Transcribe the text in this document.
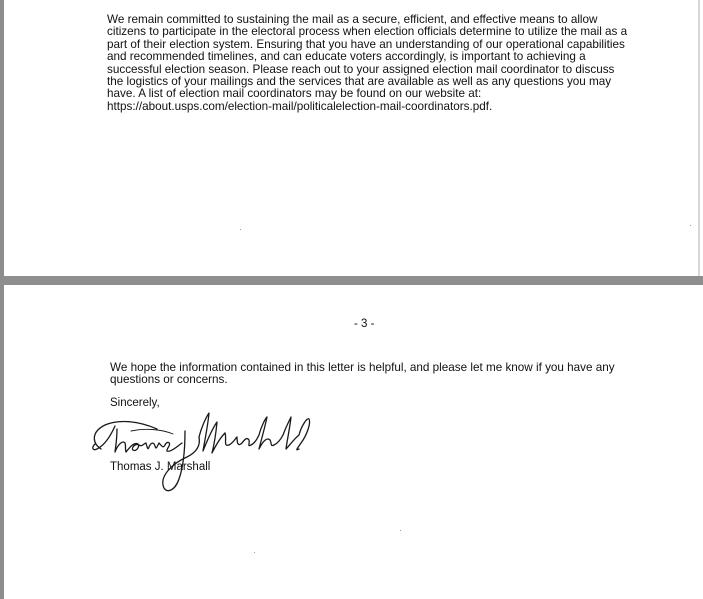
We remain committed to sustaining the mail as a secure, efficient, and effective means to allow
citizens to participate in the electoral process when election officials determine to utilize the mail as a
part of their election system. Ensuring that you have an understanding of our operational capabilities
and recommended timelines, and can educate voters accordingly, is important to achieving a
successful election season. Please reach out to your assigned election mail coordinator to discuss
the logistics of your mailings and the services that are available as well as any questions you may
have. A list of election mail coordinators may be found on our website at:
https://about.usps.com/election-mail/politicalelection-mail-coordinators.pdf.
- 3 -
We hope the information contained in this letter is helpful, and please let me know if you have any
questions or concerns.
Sincerely,
Thomas J. Marshall
